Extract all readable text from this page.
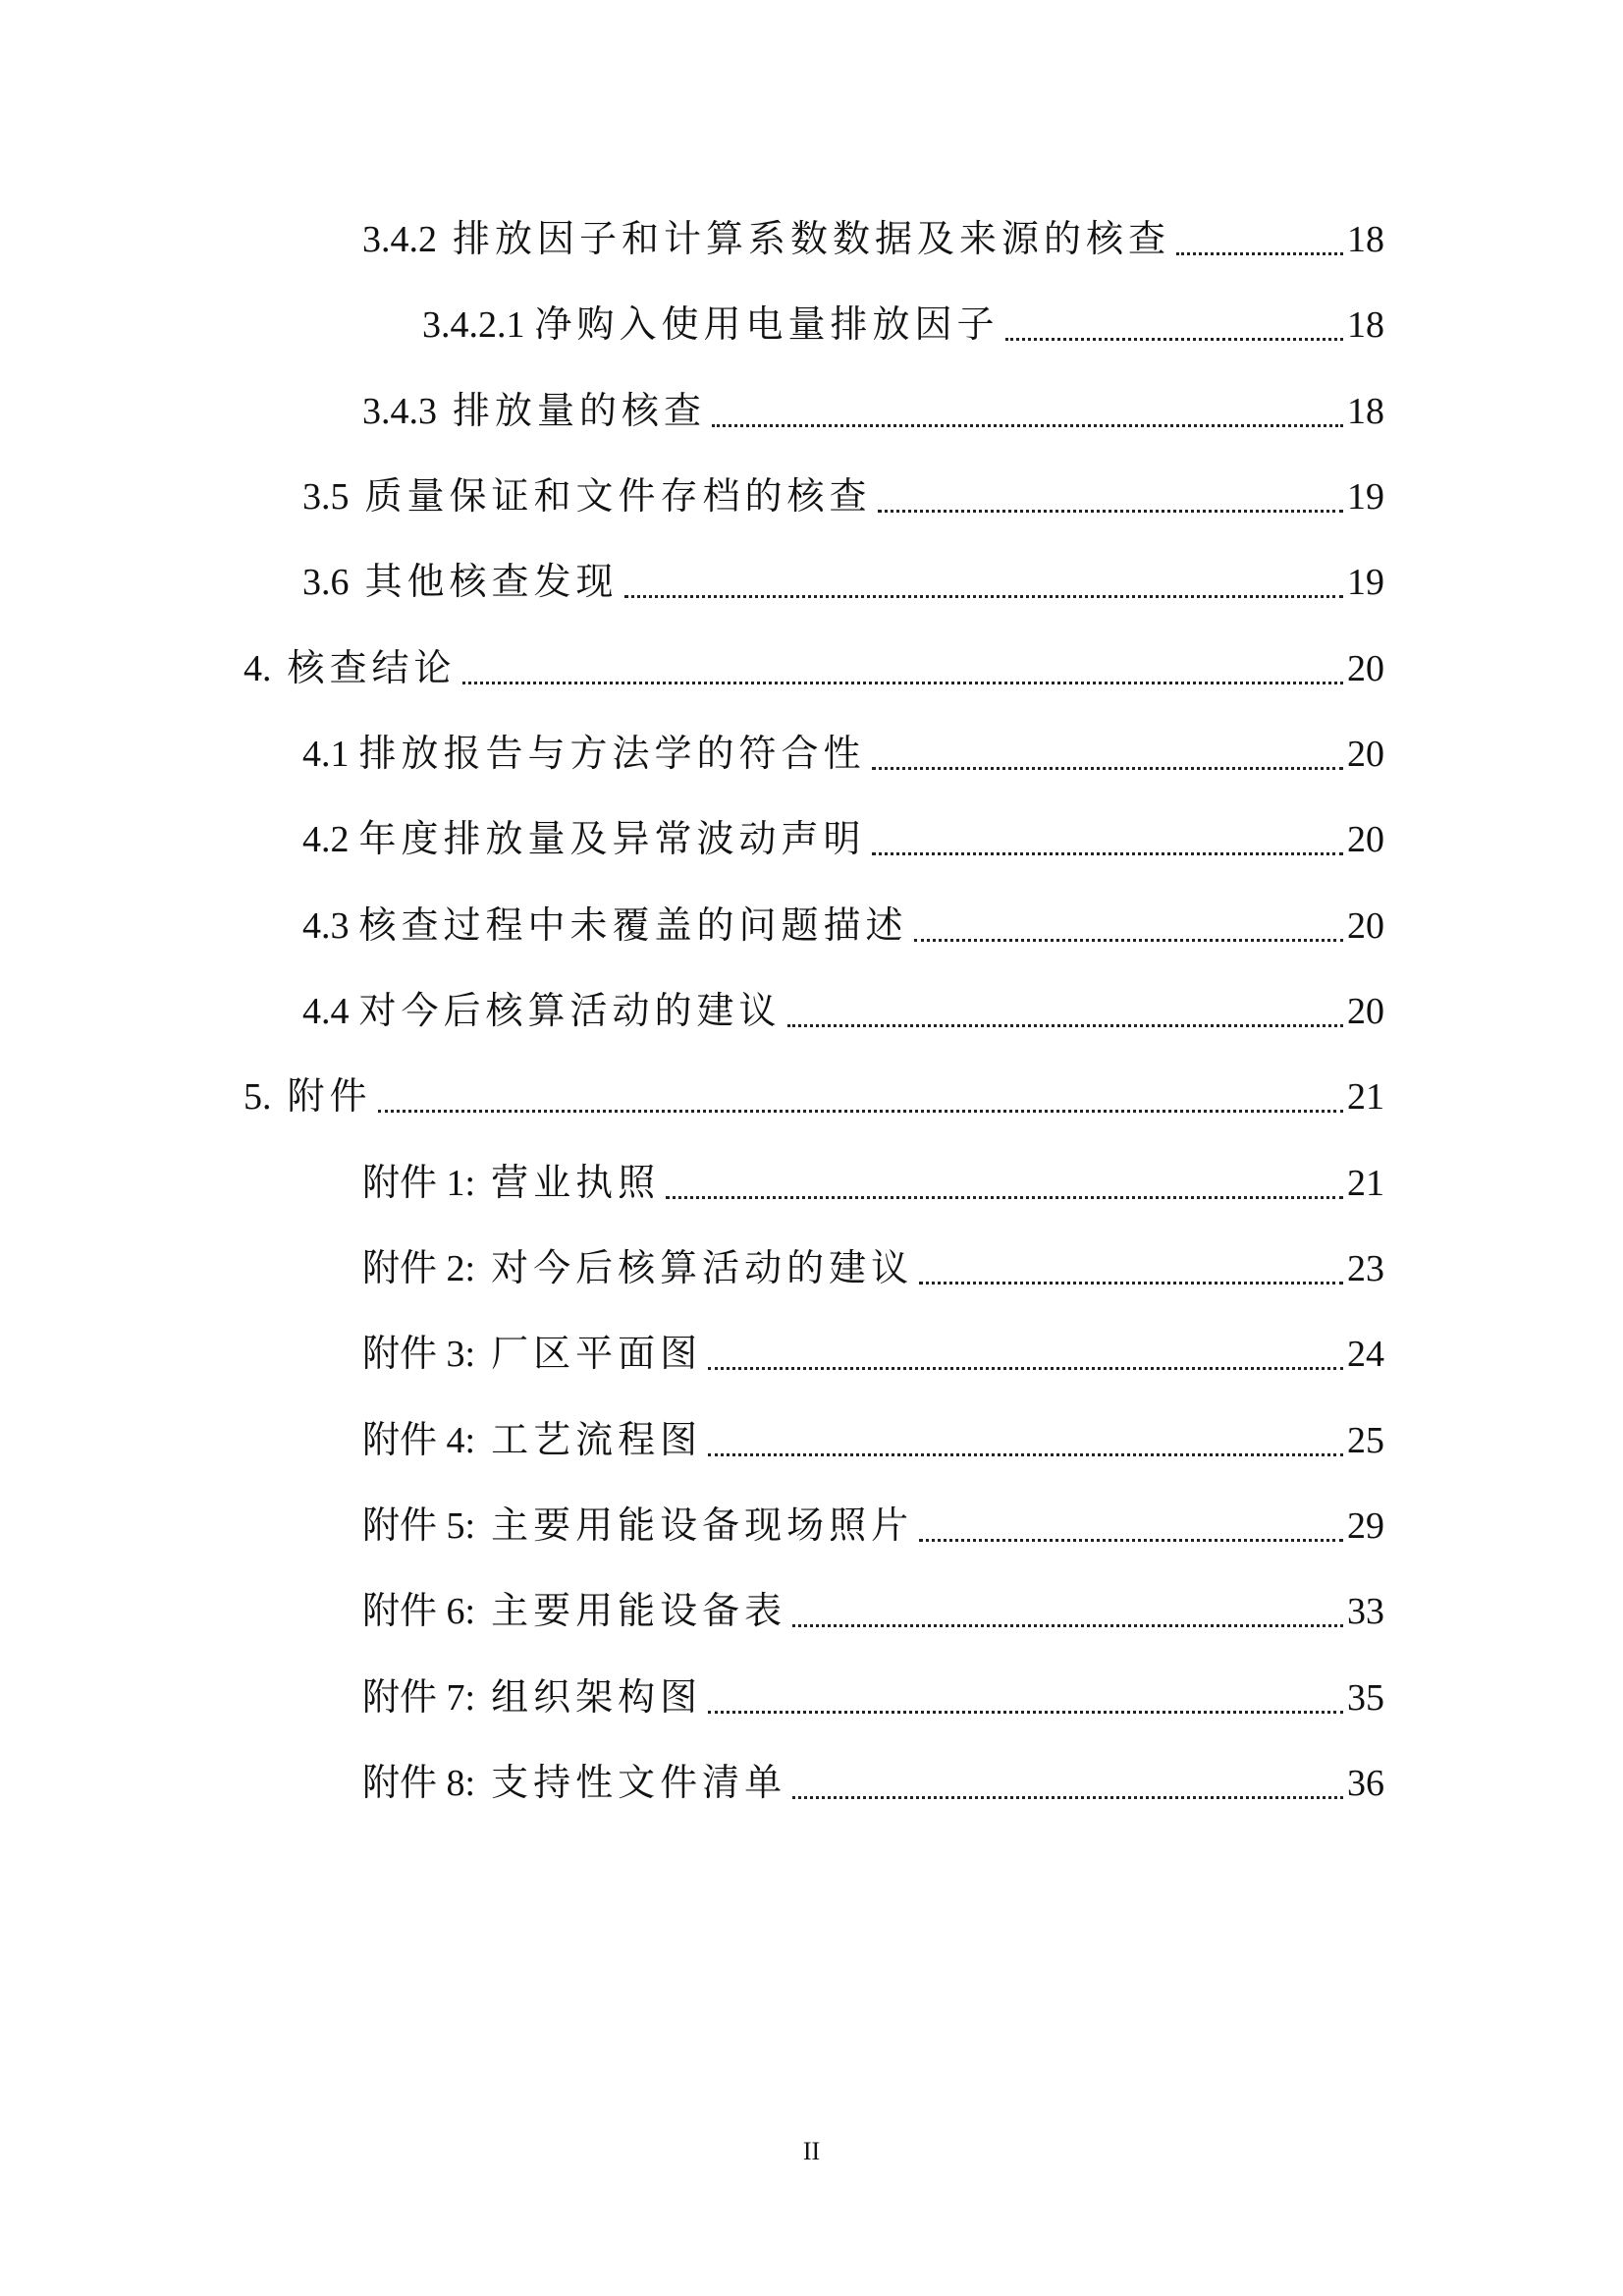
3.4.2 排放因子和计算系数数据及来源的核查	18
3.4.2.1 净购入使用电量排放因子	18
3.4.3 排放量的核查	18
3.5 质量保证和文件存档的核查	19
3.6 其他核查发现	19
4. 核查结论	20
4.1 排放报告与方法学的符合性	20
4.2 年度排放量及异常波动声明	20
4.3 核查过程中未覆盖的问题描述	20
4.4 对今后核算活动的建议	20
5. 附件	21
附件 1: 营业执照	21
附件 2: 对今后核算活动的建议	23
附件 3: 厂区平面图	24
附件 4: 工艺流程图	25
附件 5: 主要用能设备现场照片	29
附件 6: 主要用能设备表	33
附件 7: 组织架构图	35
附件 8: 支持性文件清单	36
II
